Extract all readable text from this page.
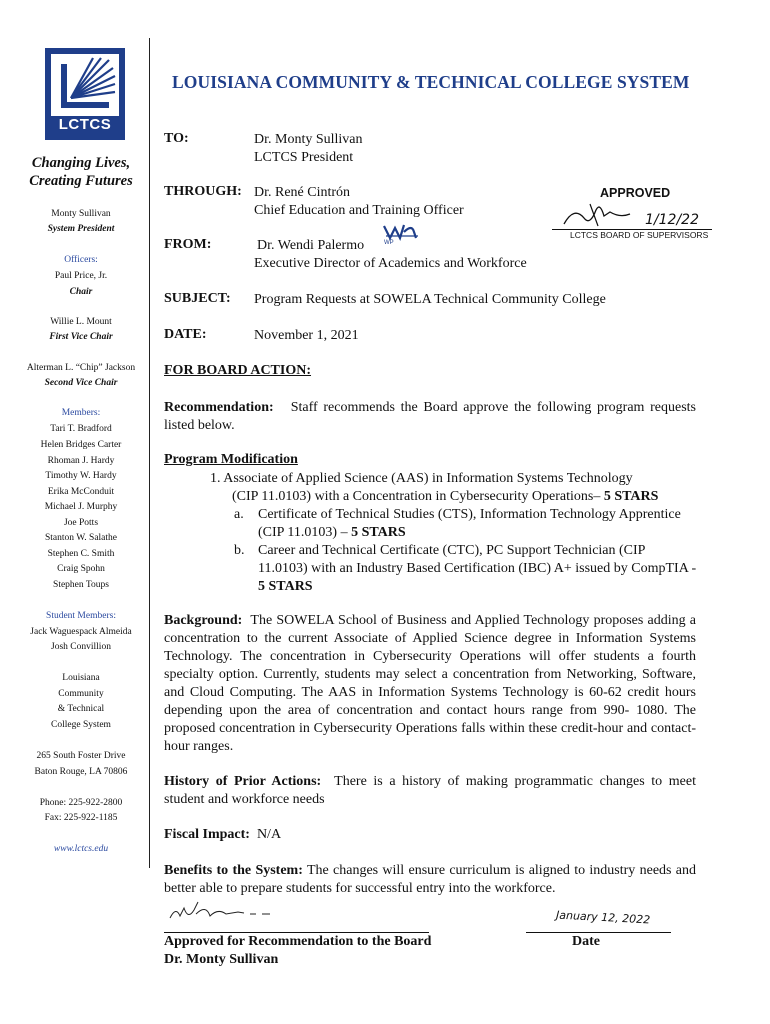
LCTCS
Changing Lives,
Creating Futures
Monty Sullivan
System President
Officers:
Paul Price, Jr.
Chair
Willie L. Mount
First Vice Chair
Alterman L. “Chip” Jackson
Second Vice Chair
Members:
Tari T. Bradford
Helen Bridges Carter
Rhoman J. Hardy
Timothy W. Hardy
Erika McConduit
Michael J. Murphy
Joe Potts
Stanton W. Salathe
Stephen C. Smith
Craig Spohn
Stephen Toups
Student Members:
Jack Waguespack Almeida
Josh Convillion
Louisiana
Community
& Technical
College System
265 South Foster Drive
Baton Rouge, LA 70806
Phone: 225-922-2800
Fax: 225-922-1185
www.lctcs.edu
LOUISIANA COMMUNITY & TECHNICAL COLLEGE SYSTEM
TO:	Dr. Monty Sullivan
LCTCS President
THROUGH: Dr. René Cintrón
Chief Education and Training Officer
FROM:	Dr. Wendi Palermo	WP
Executive Director of Academics and Workforce
SUBJECT: Program Requests at SOWELA Technical Community College
DATE:	November 1, 2021
APPROVED
1/12/22
LCTCS BOARD OF SUPERVISORS
FOR BOARD ACTION:
Recommendation: Staff recommends the Board approve the following program requests listed below.
Program Modification
1. Associate of Applied Science (AAS) in Information Systems Technology
(CIP 11.0103) with a Concentration in Cybersecurity Operations– 5 STARS
a. Certificate of Technical Studies (CTS), Information Technology Apprentice (CIP 11.0103) – 5 STARS
b. Career and Technical Certificate (CTC), PC Support Technician (CIP 11.0103) with an Industry Based Certification (IBC) A+ issued by CompTIA - 5 STARS
Background: The SOWELA School of Business and Applied Technology proposes adding a concentration to the current Associate of Applied Science degree in Information Systems Technology. The concentration in Cybersecurity Operations will offer students a fourth specialty option. Currently, students may select a concentration from Networking, Software, and Cloud Computing. The AAS in Information Systems Technology is 60-62 credit hours depending upon the area of concentration and contact hours range from 990- 1080. The proposed concentration in Cybersecurity Operations falls within these credit-hour and contact-hour ranges.
History of Prior Actions: There is a history of making programmatic changes to meet student and workforce needs
Fiscal Impact: N/A
Benefits to the System: The changes will ensure curriculum is aligned to industry needs and better able to prepare students for successful entry into the workforce.
January 12, 2022
Approved for Recommendation to the Board
Dr. Monty Sullivan
Date
